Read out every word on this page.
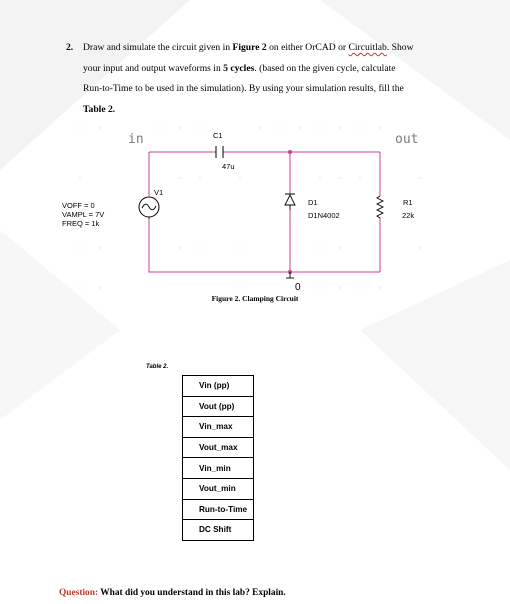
2. Draw and simulate the circuit given in Figure 2 on either OrCAD or Circuitlab. Show
your input and output waveforms in 5 cycles. (based on the given cycle, calculate
Run-to-Time to be used in the simulation). By using your simulation results, fill the
Table 2.
in	out
C1
47u
V1
VOFF = 0
VAMPL = 7V
FREQ = 1k
D1
D1N4002
R1
22k
0
Figure 2. Clamping Circuit
Table 2.
Vin (pp)
Vout (pp)
Vin_max
Vout_max
Vin_min
Vout_min
Run-to-Time
DC Shift
Question: What did you understand in this lab? Explain.
